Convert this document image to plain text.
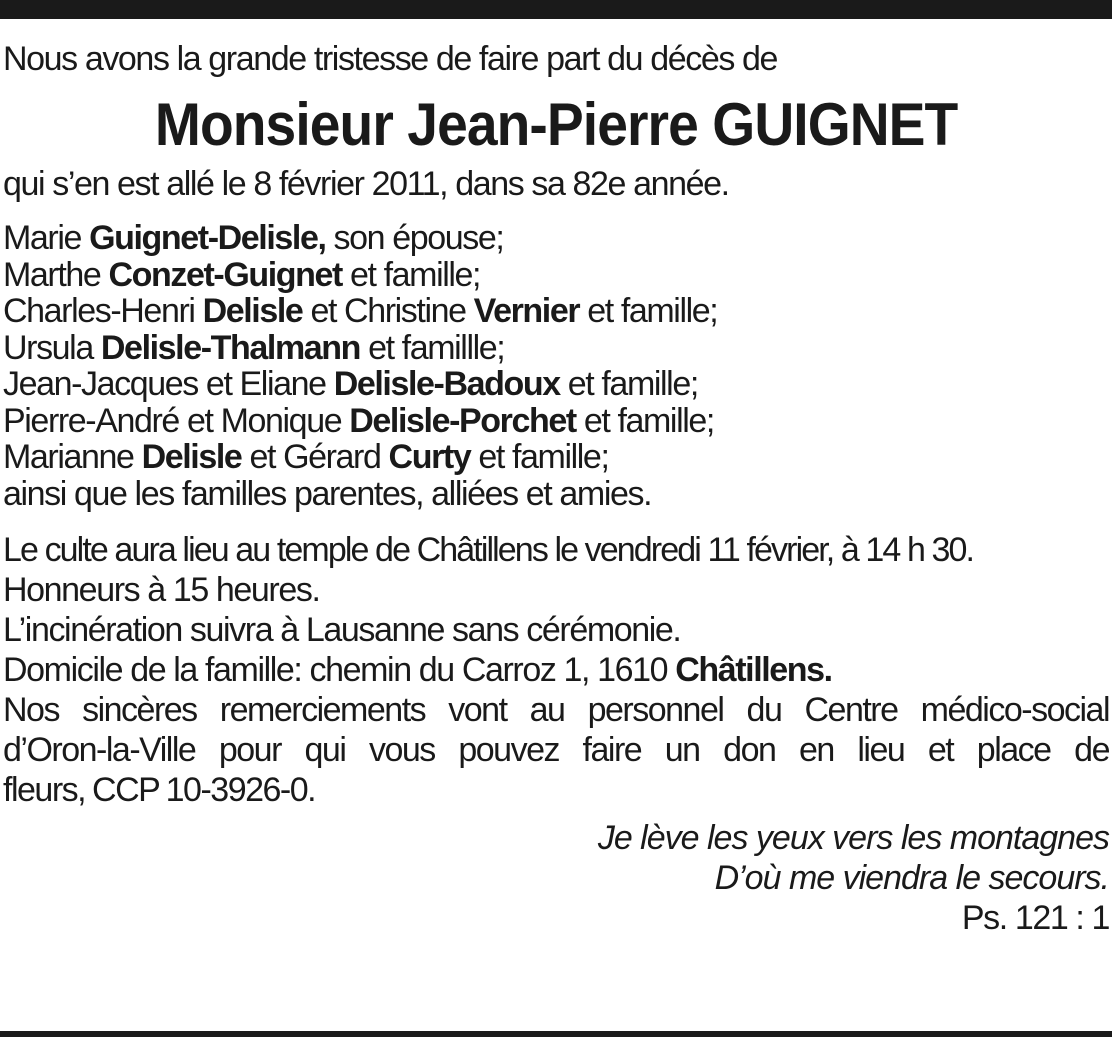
Nous avons la grande tristesse de faire part du décès de
Monsieur Jean-Pierre GUIGNET
qui s’en est allé le 8 février 2011, dans sa 82e année.
Marie Guignet-Delisle, son épouse;
Marthe Conzet-Guignet et famille;
Charles-Henri Delisle et Christine Vernier et famille;
Ursula Delisle-Thalmann et famillle;
Jean-Jacques et Eliane Delisle-Badoux et famille;
Pierre-André et Monique Delisle-Porchet et famille;
Marianne Delisle et Gérard Curty et famille;
ainsi que les familles parentes, alliées et amies.
Le culte aura lieu au temple de Châtillens le vendredi 11 février, à 14 h 30.
Honneurs à 15 heures.
L’incinération suivra à Lausanne sans cérémonie.
Domicile de la famille: chemin du Carroz 1, 1610 Châtillens.
Nos sincères remerciements vont au personnel du Centre médico-social
d’Oron-la-Ville pour qui vous pouvez faire un don en lieu et place de
fleurs, CCP 10-3926-0.
Je lève les yeux vers les montagnes
D’où me viendra le secours.
Ps. 121 : 1
